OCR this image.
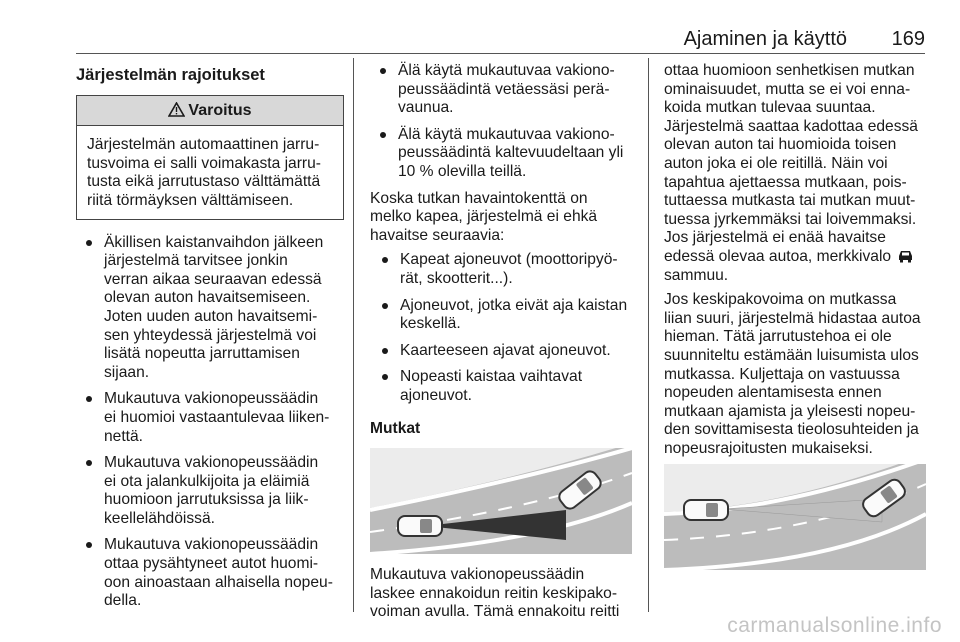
Ajaminen ja käyttö 169
Järjestelmän rajoitukset
Varoitus
Järjestelmän automaattinen jarru-
tusvoima ei salli voimakasta jarru-
tusta eikä jarrutustaso välttämättä
riitä törmäyksen välttämiseen.
Äkillisen kaistanvaihdon jälkeen
järjestelmä tarvitsee jonkin
verran aikaa seuraavan edessä
olevan auton havaitsemiseen.
Joten uuden auton havaitsemi-
sen yhteydessä järjestelmä voi
lisätä nopeutta jarruttamisen
sijaan.
Mukautuva vakionopeussäädin
ei huomioi vastaantulevaa liiken-
nettä.
Mukautuva vakionopeussäädin
ei ota jalankulkijoita ja eläimiä
huomioon jarrutuksissa ja liik-
keellelähdöissä.
Mukautuva vakionopeussäädin
ottaa pysähtyneet autot huomi-
oon ainoastaan alhaisella nopeu-
della.
Älä käytä mukautuvaa vakiono-
peussäädintä vetäessäsi perä-
vaunua.
Älä käytä mukautuvaa vakiono-
peussäädintä kaltevuudeltaan yli
10 % olevilla teillä.

Koska tutkan havaintokenttä on
melko kapea, järjestelmä ei ehkä
havaitse seuraavia:

Kapeat ajoneuvot (moottoripyö-
rät, skootterit...).
Ajoneuvot, jotka eivät aja kaistan
keskellä.
Kaarteeseen ajavat ajoneuvot.
Nopeasti kaistaa vaihtavat
ajoneuvot.
Mutkat

Mukautuva vakionopeussäädin
laskee ennakoidun reitin keskipako-
voiman avulla. Tämä ennakoitu reitti

ottaa huomioon senhetkisen mutkan
ominaisuudet, mutta se ei voi enna-
koida mutkan tulevaa suuntaa.
Järjestelmä saattaa kadottaa edessä
olevan auton tai huomioida toisen
auton joka ei ole reitillä. Näin voi
tapahtua ajettaessa mutkaan, pois-
tuttaessa mutkasta tai mutkan muut-
tuessa jyrkemmäksi tai loivemmaksi.
Jos järjestelmä ei enää havaitse
edessä olevaa autoa, merkkivalo
sammuu.

Jos keskipakovoima on mutkassa
liian suuri, järjestelmä hidastaa autoa
hieman. Tätä jarrutustehoa ei ole
suunniteltu estämään luisumista ulos
mutkassa. Kuljettaja on vastuussa
nopeuden alentamisesta ennen
mutkaan ajamista ja yleisesti nopeu-
den sovittamisesta tieolosuhteiden ja
nopeusrajoitusten mukaiseksi.

carmanualsonline.info
